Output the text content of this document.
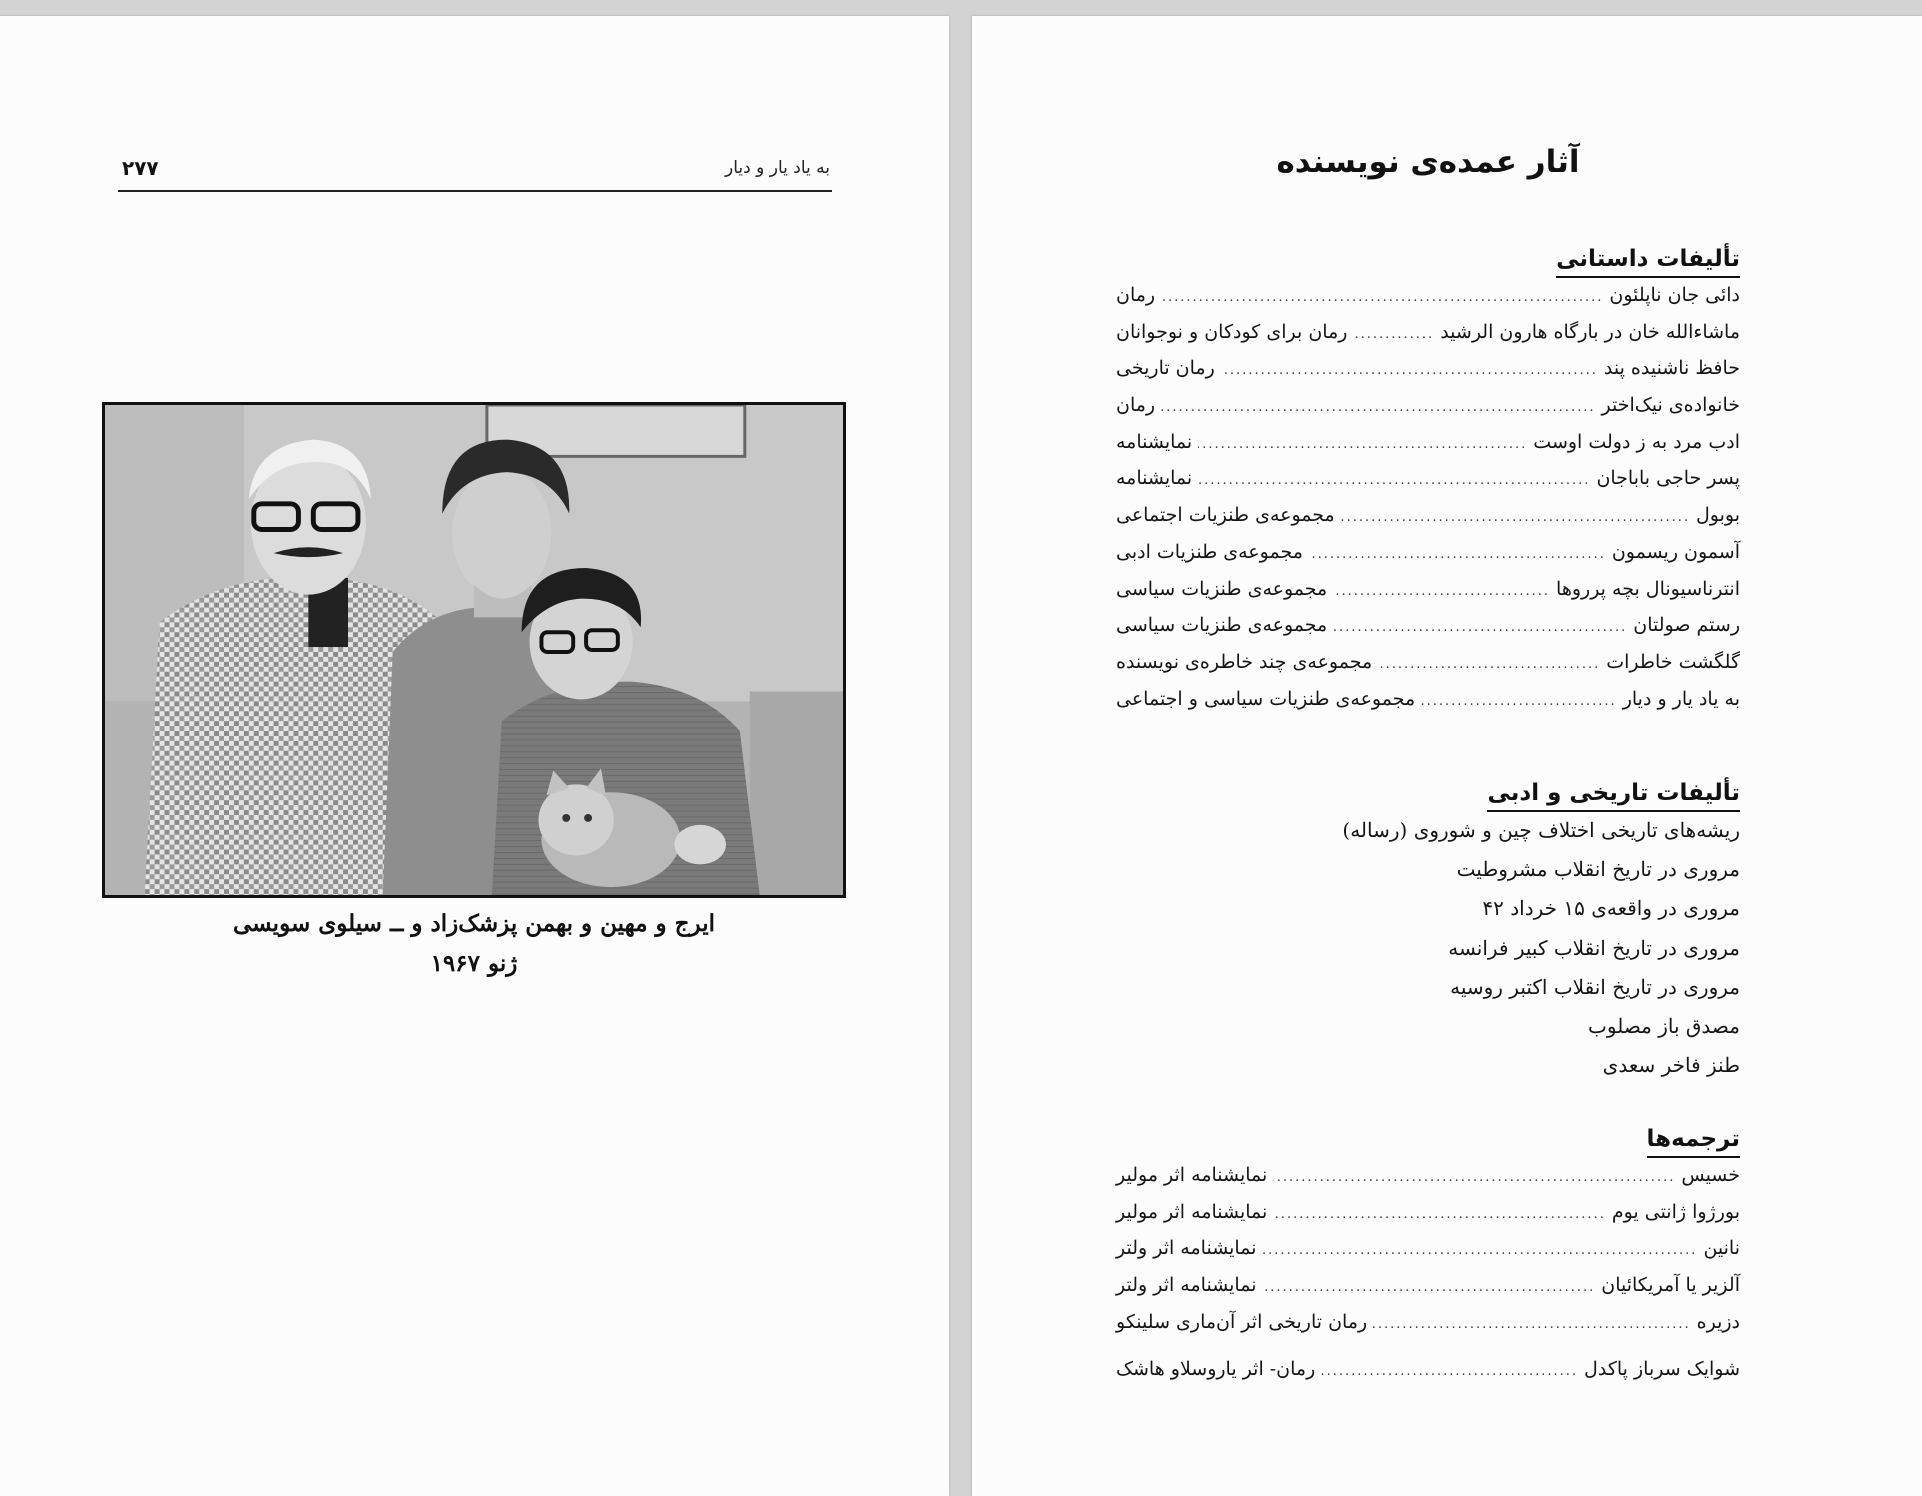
۲۷۷	به یاد یار و دیار
ایرج و مهین و بهمن پزشک‌زاد و ــ سیلوی سویسی
ژنو ۱۹۶۷
آثار عمده‌ی نویسنده
تألیفات داستانی
دائی جان ناپلئون
.....
رمان
ماشاءالله خان در بارگاه هارون الرشید
.....
رمان برای کودکان و نوجوانان
حافظ ناشنیده پند
.....
رمان تاریخی
خانواده‌ی نیک‌اختر
.....
رمان
ادب مرد به ز دولت اوست
.....
نمایشنامه
پسر حاجی باباجان
.....
نمایشنامه
بوبول
.....
مجموعه‌ی طنزیات اجتماعی
آسمون ریسمون
.....
مجموعه‌ی طنزیات ادبی
انترناسیونال بچه پررو‌ها
.....
مجموعه‌ی طنزیات سیاسی
رستم صولتان
.....
مجموعه‌ی طنزیات سیاسی
گلگشت خاطرات
.....
مجموعه‌ی چند خاطره‌ی نویسنده
به یاد یار و دیار
.....
مجموعه‌ی طنزیات سیاسی و اجتماعی
تألیفات تاریخی و ادبی
ریشه‌های تاریخی اختلاف چین و شوروی (رساله)
مروری در تاریخ انقلاب مشروطیت
مروری در واقعه‌ی ۱۵ خرداد ۴۲
مروری در تاریخ انقلاب کبیر فرانسه
مروری در تاریخ انقلاب اکتبر روسیه
مصدق باز مصلوب
طنز فاخر سعدی
ترجمه‌ها
خسیس
.....
نمایشنامه اثر مولیر
بورژوا ژانتی یوم
.....
نمایشنامه اثر مولیر
نانین
.....
نمایشنامه اثر ولتر
آلزیر یا آمریکائیان
.....
نمایشنامه اثر ولتر
دزیره
.....
رمان تاریخی اثر آن‌ماری سلینکو
شوایک سرباز پاکدل
.....
رمان- اثر یاروسلاو هاشک
